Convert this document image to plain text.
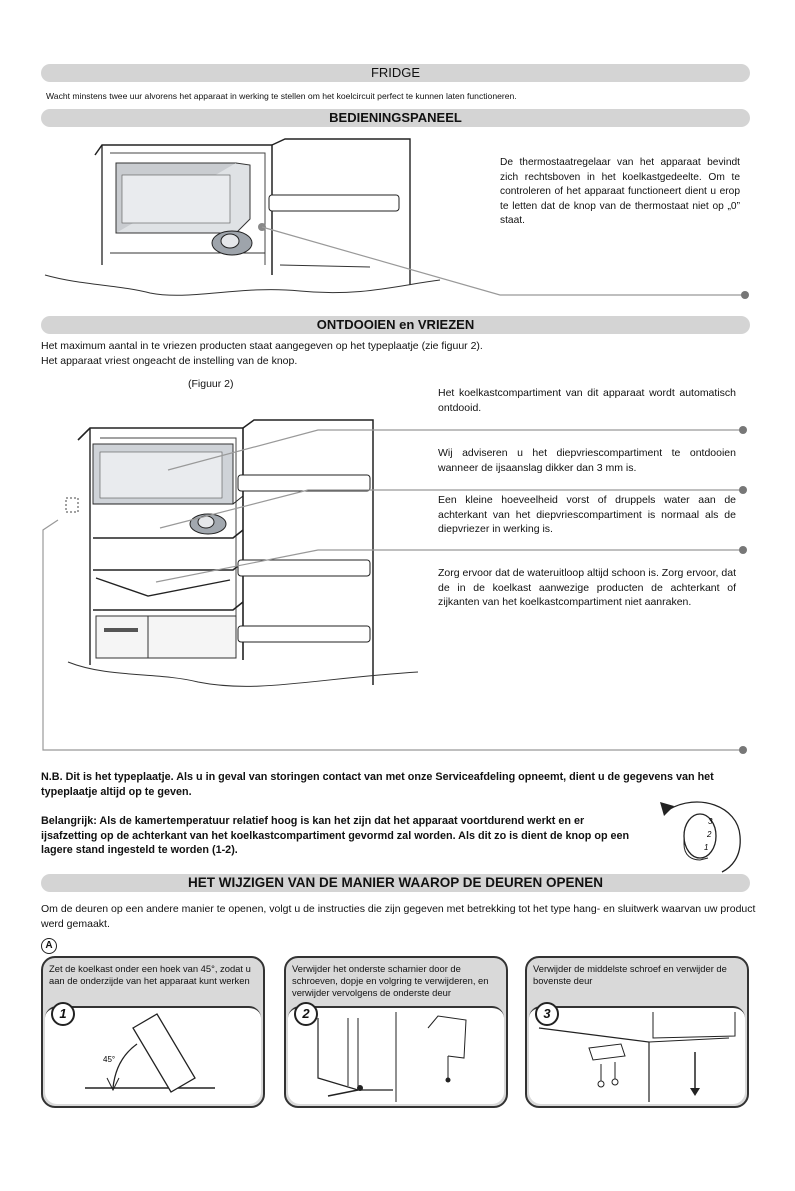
FRIDGE
Wacht minstens twee uur alvorens het apparaat in werking te stellen om het koelcircuit perfect te kunnen laten functioneren.
BEDIENINGSPANEEL
De thermostaatregelaar van het apparaat bevindt zich rechtsboven in het koelkastgedeelte. Om te controleren of het apparaat functioneert dient u erop te letten dat de knop van de thermostaat niet op „0” staat.
ONTDOOIEN en VRIEZEN
Het maximum aantal in te vriezen producten staat aangegeven op het typeplaatje (zie figuur 2).
Het apparaat vriest ongeacht de instelling van de knop.
(Figuur 2)
Het koelkastcompartiment van dit apparaat wordt automatisch ontdooid.
Wij adviseren u het diepvriescompartiment te ontdooien wanneer de ijsaanslag dikker dan 3 mm is.
Een kleine hoeveelheid vorst of druppels water aan de achterkant van het diepvriescompartiment is normaal als de diepvriezer in werking is.
Zorg ervoor dat de wateruitloop altijd schoon is. Zorg ervoor, dat de in de koelkast aanwezige producten de achterkant of zijkanten van het koelkastcompartiment niet aanraken.
N.B. Dit is het typeplaatje. Als u in geval van storingen contact van met onze Serviceafdeling opneemt, dient u de gegevens van het typeplaatje altijd op te geven.
Belangrijk: Als de kamertemperatuur relatief hoog is kan het zijn dat het apparaat voortdurend werkt en er ijsafzetting op de achterkant van het koelkastcompartiment gevormd zal worden. Als dit zo is dient de knop op een lagere stand ingesteld te worden (1-2).
3
2
1
HET WIJZIGEN VAN DE MANIER WAAROP DE DEUREN OPENEN
Om de deuren op een andere manier te openen, volgt u de instructies die zijn gegeven met betrekking tot het type hang- en sluitwerk waarvan uw product werd gemaakt.
A
Zet de koelkast onder een hoek van 45°, zodat u aan de onderzijde van het apparaat kunt werken
45°
1
Verwijder het onderste scharnier door de schroeven, dopje en volgring te verwijderen, en verwijder vervolgens de onderste deur
2
Verwijder de middelste schroef en verwijder de bovenste deur
3
